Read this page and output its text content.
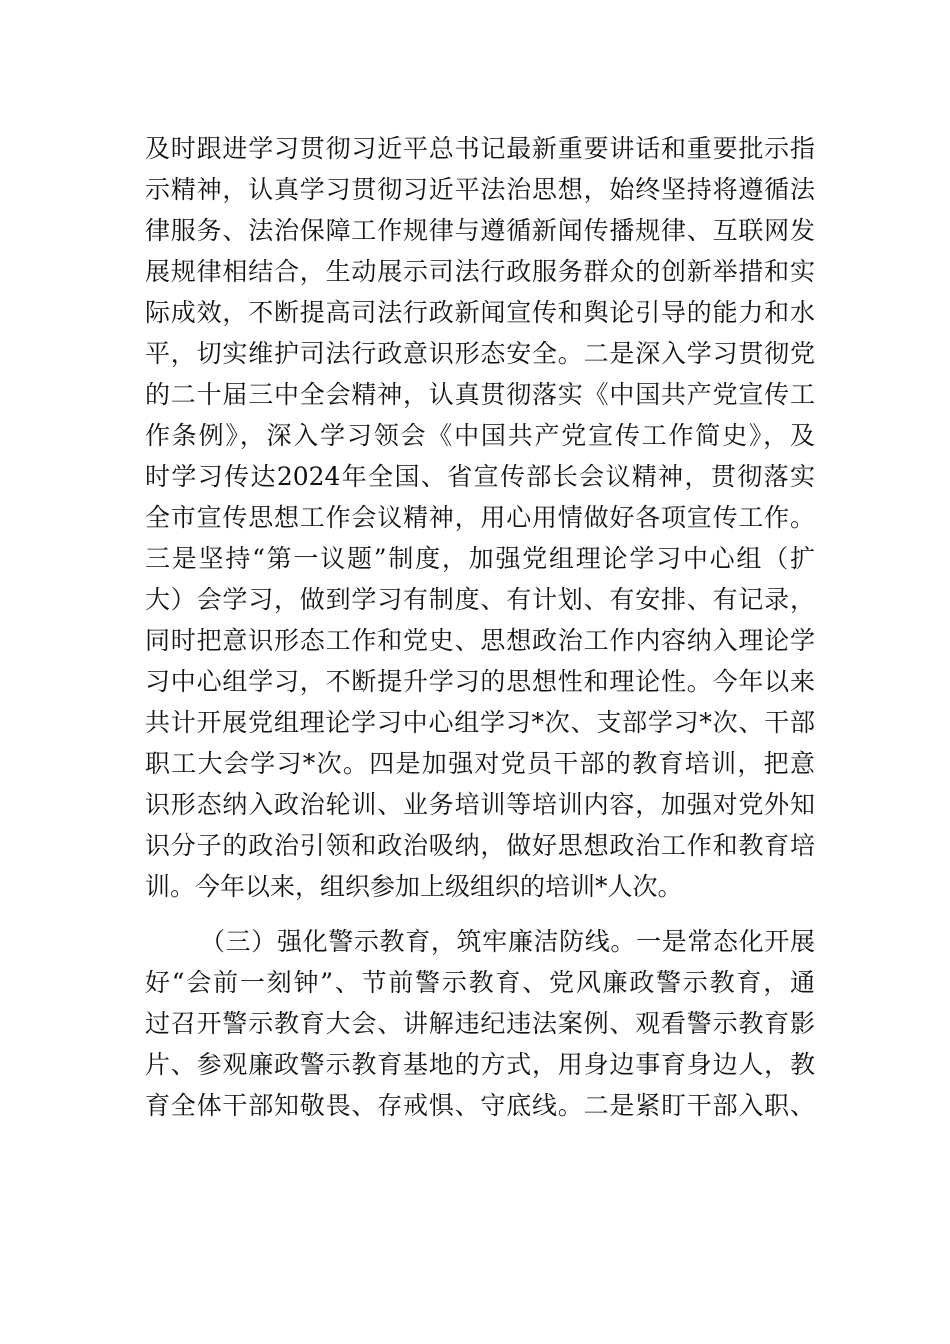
及时跟进学习贯彻习近平总书记最新重要讲话和重要批示指
示精神，认真学习贯彻习近平法治思想，始终坚持将遵循法
律服务、法治保障工作规律与遵循新闻传播规律、互联网发
展规律相结合，生动展示司法行政服务群众的创新举措和实
际成效，不断提高司法行政新闻宣传和舆论引导的能力和水
平，切实维护司法行政意识形态安全。二是深入学习贯彻党
的二十届三中全会精神，认真贯彻落实《中国共产党宣传工
作条例》，深入学习领会《中国共产党宣传工作简史》，及
时学习传达2024年全国、省宣传部长会议精神，贯彻落实
全市宣传思想工作会议精神，用心用情做好各项宣传工作。
三是坚持“第一议题”制度，加强党组理论学习中心组（扩
大）会学习，做到学习有制度、有计划、有安排、有记录，
同时把意识形态工作和党史、思想政治工作内容纳入理论学
习中心组学习，不断提升学习的思想性和理论性。今年以来
共计开展党组理论学习中心组学习*次、支部学习*次、干部
职工大会学习*次。四是加强对党员干部的教育培训，把意
识形态纳入政治轮训、业务培训等培训内容，加强对党外知
识分子的政治引领和政治吸纳，做好思想政治工作和教育培
训。今年以来，组织参加上级组织的培训*人次。
（三）强化警示教育，筑牢廉洁防线。一是常态化开展
好“会前一刻钟”、节前警示教育、党风廉政警示教育，通
过召开警示教育大会、讲解违纪违法案例、观看警示教育影
片、参观廉政警示教育基地的方式，用身边事育身边人，教
育全体干部知敬畏、存戒惧、守底线。二是紧盯干部入职、
